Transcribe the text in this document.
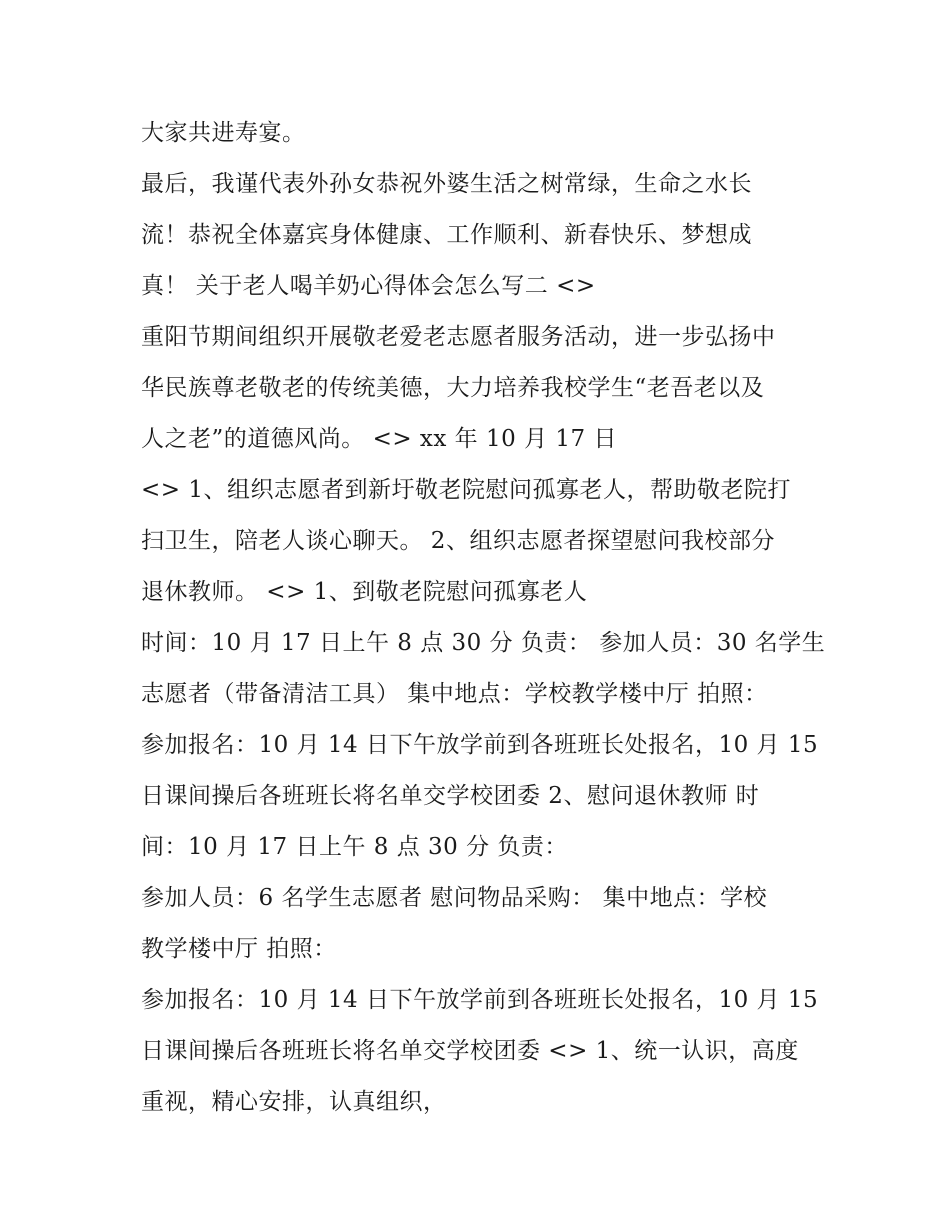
大家共进寿宴。
最后，我谨代表外孙女恭祝外婆生活之树常绿，生命之水长
流！恭祝全体嘉宾身体健康、工作顺利、新春快乐、梦想成
真！ 关于老人喝羊奶心得体会怎么写二 <>
重阳节期间组织开展敬老爱老志愿者服务活动，进一步弘扬中
华民族尊老敬老的传统美德，大力培养我校学生“老吾老以及
人之老”的道德风尚。 <> xx 年 10 月 17 日
<> 1、组织志愿者到新圩敬老院慰问孤寡老人，帮助敬老院打
扫卫生，陪老人谈心聊天。 2、组织志愿者探望慰问我校部分
退休教师。 <> 1、到敬老院慰问孤寡老人
时间：10 月 17 日上午 8 点 30 分 负责： 参加人员：30 名学生
志愿者（带备清洁工具） 集中地点：学校教学楼中厅 拍照：
参加报名：10 月 14 日下午放学前到各班班长处报名，10 月 15
日课间操后各班班长将名单交学校团委 2、慰问退休教师 时
间：10 月 17 日上午 8 点 30 分 负责：
参加人员：6 名学生志愿者 慰问物品采购： 集中地点：学校
教学楼中厅 拍照：
参加报名：10 月 14 日下午放学前到各班班长处报名，10 月 15
日课间操后各班班长将名单交学校团委 <> 1、统一认识，高度
重视，精心安排，认真组织，
